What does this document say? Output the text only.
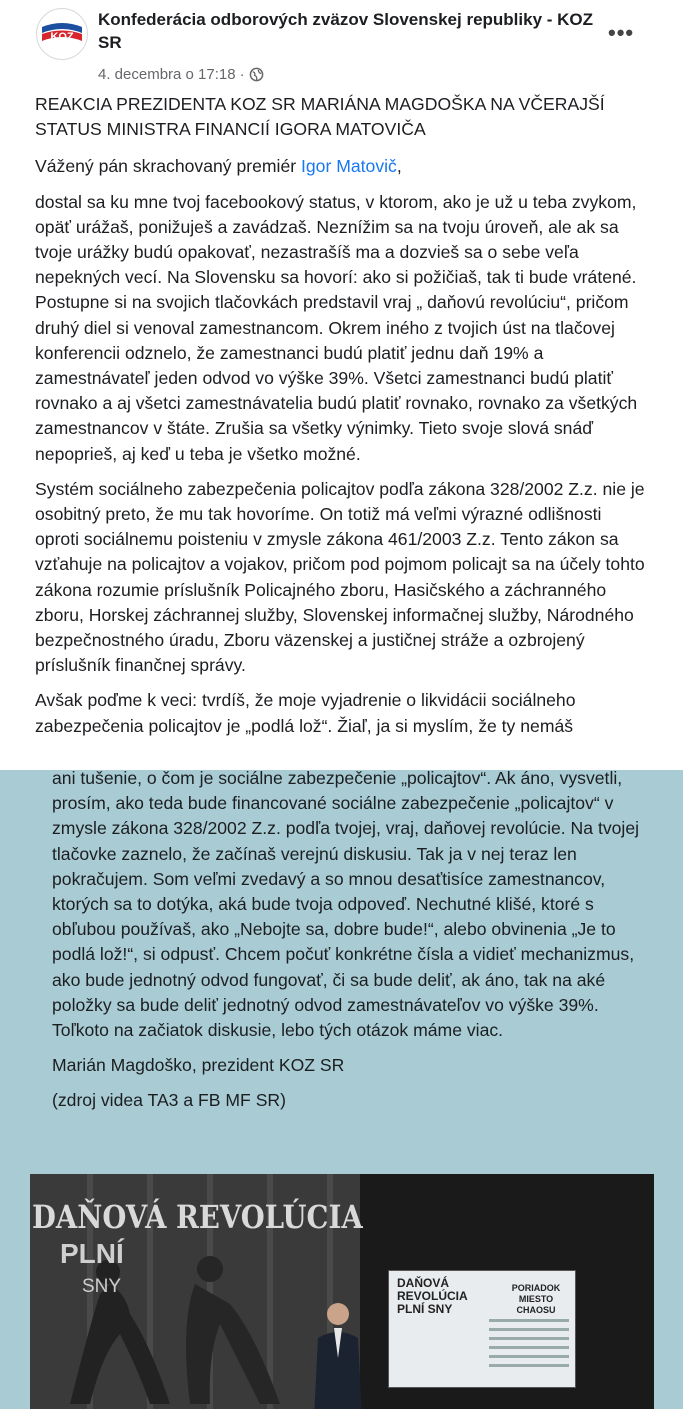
KOZ
Konfederácia odborových zväzov Slovenskej republiky - KOZ SR
4. decembra o 17:18 ·
•••

REAKCIA PREZIDENTA KOZ SR MARIÁNA MAGDOŠKA NA VČERAJŠÍ STATUS MINISTRA FINANCIÍ IGORA MATOVIČA

Vážený pán skrachovaný premiér Igor Matovič,

dostal sa ku mne tvoj facebookový status, v ktorom, ako je už u teba zvykom, opäť urážaš, ponižuješ a zavádzaš. Neznížim sa na tvoju úroveň, ale ak sa tvoje urážky budú opakovať, nezastrašíš ma a dozvieš sa o sebe veľa nepekných vecí. Na Slovensku sa hovorí: ako si požičiaš, tak ti bude vrátené. Postupne si na svojich tlačovkách predstavil vraj „ daňovú revolúciu“, pričom druhý diel si venoval zamestnancom. Okrem iného z tvojich úst na tlačovej konferencii odznelo, že zamestnanci budú platiť jednu daň 19% a zamestnávateľ jeden odvod vo výške 39%. Všetci zamestnanci budú platiť rovnako a aj všetci zamestnávatelia budú platiť rovnako, rovnako za všetkých zamestnancov v štáte. Zrušia sa všetky výnimky. Tieto svoje slová snáď nepoprieš, aj keď u teba je všetko možné.

Systém sociálneho zabezpečenia policajtov podľa zákona 328/2002 Z.z. nie je osobitný preto, že mu tak hovoríme. On totiž má veľmi výrazné odlišnosti oproti sociálnemu poisteniu v zmysle zákona 461/2003 Z.z. Tento zákon sa vzťahuje na policajtov a vojakov, pričom pod pojmom policajt sa na účely tohto zákona rozumie príslušník Policajného zboru, Hasičského a záchranného zboru, Horskej záchrannej služby, Slovenskej informačnej služby, Národného bezpečnostného úradu, Zboru väzenskej a justičnej stráže a ozbrojený príslušník finančnej správy.

Avšak poďme k veci: tvrdíš, že moje vyjadrenie o likvidácii sociálneho zabezpečenia policajtov je „podlá lož“. Žiaľ, ja si myslím, že ty nemáš

ani tušenie, o čom je sociálne zabezpečenie „policajtov“. Ak áno, vysvetli, prosím, ako teda bude financované sociálne zabezpečenie „policajtov“ v zmysle zákona 328/2002 Z.z. podľa tvojej, vraj, daňovej revolúcie. Na tvojej tlačovke zaznelo, že začínaš verejnú diskusiu. Tak ja v nej teraz len pokračujem. Som veľmi zvedavý a so mnou desaťtisíce zamestnancov, ktorých sa to dotýka, aká bude tvoja odpoveď. Nechutné klišé, ktoré s obľubou používaš, ako „Nebojte sa, dobre bude!“, alebo obvinenia „Je to podlá lož!“, si odpusť. Chcem počuť konkrétne čísla a vidieť mechanizmus, ako bude jednotný odvod fungovať, či sa bude deliť, ak áno, tak na aké položky sa bude deliť jednotný odvod zamestnávateľov vo výške 39%. Toľkoto na začiatok diskusie, lebo tých otázok máme viac.

Marián Magdoško, prezident KOZ SR

(zdroj videa TA3 a FB MF SR)

DAŇOVÁ REVOLÚCIA
PLNÍ
SNY	DAŇOVÁ REVOLÚCIA PLNÍ SNY
PORIADOK MIESTO CHAOSU
